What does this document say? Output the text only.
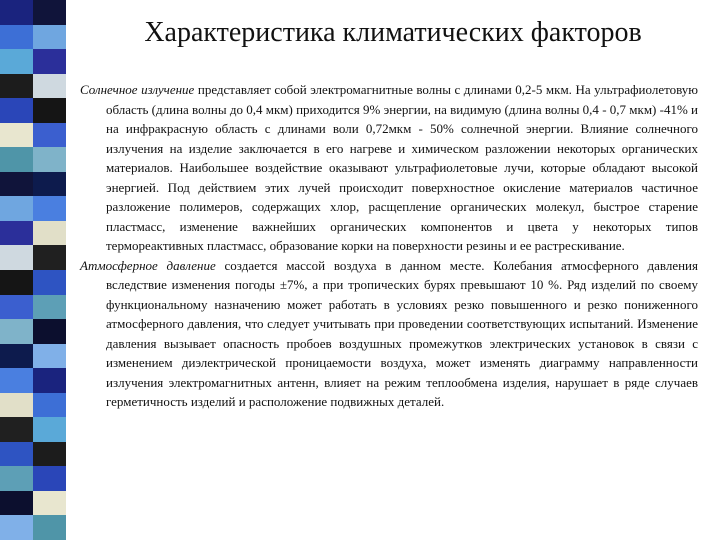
Характеристика климатических факторов

Солнечное излучение представляет собой электромагнитные волны с длинами 0,2-5 мкм. На ультрафиолетовую область (длина волны до 0,4 мкм) приходится 9% энергии, на видимую (длина волны 0,4 - 0,7 мкм) -41% и на инфракрасную область с длинами воли 0,72мкм - 50% солнечной энергии. Влияние солнечного излучения на изделие заключается в его нагреве и химическом разложении некоторых органических материалов. Наибольшее воздействие оказывают ультрафиолетовые лучи, которые обладают высокой энергией. Под действием этих лучей происходит поверхностное окисление материалов частичное разложение полимеров, содержащих хлор, расщепление органических молекул, быстрое старение пластмасс, изменение важнейших органических компонентов и цвета у некоторых типов термореактивных пластмасс, образование корки на поверхности резины и ее растрескивание.

Атмосферное давление создается массой воздуха в данном месте. Колебания атмосферного давления вследствие изменения погоды ±7%, а при тропических бурях превышают 10 %. Ряд изделий по своему функциональному назначению может работать в условиях резко повышенного и резко пониженного атмосферного давления, что следует учитывать при проведении соответствующих испытаний. Изменение давления вызывает опасность пробоев воздушных промежутков электрических установок в связи с изменением диэлектрической проницаемости воздуха, может изменять диаграмму направленности излучения электромагнитных антенн, влияет на режим теплообмена изделия, нарушает в ряде случаев герметичность изделий и расположение подвижных деталей.
